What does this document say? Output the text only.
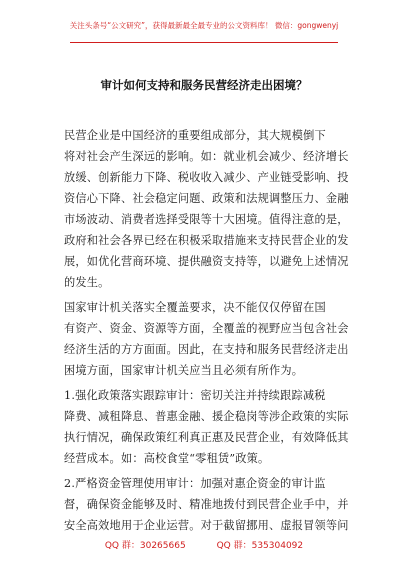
关注头条号“公文研究”，获得最新最全最专业的公文资料库！ 微信：gongwenyj
审计如何支持和服务民营经济走出困境？
民营企业是中国经济的重要组成部分，其大规模倒下
将对社会产生深远的影响。如：就业机会减少、经济增长
放缓、创新能力下降、税收收入减少、产业链受影响、投
资信心下降、社会稳定问题、政策和法规调整压力、金融
市场波动、消费者选择受限等十大困境。值得注意的是，
政府和社会各界已经在积极采取措施来支持民营企业的发
展，如优化营商环境、提供融资支持等，以避免上述情况
的发生。
国家审计机关落实全覆盖要求，决不能仅仅停留在国
有资产、资金、资源等方面，全覆盖的视野应当包含社会
经济生活的方方面面。因此，在支持和服务民营经济走出
困境方面，国家审计机关应当且必须有所作为。
1.强化政策落实跟踪审计：密切关注并持续跟踪减税
降费、减租降息、普惠金融、援企稳岗等涉企政策的实际
执行情况，确保政策红利真正惠及民营企业，有效降低其
经营成本。如：高校食堂“零租赁”政策。
2.严格资金管理使用审计：加强对惠企资金的审计监
督，确保资金能够及时、精准地拨付到民营企业手中，并
安全高效地用于企业运营。对于截留挪用、虚报冒领等问
QQ 群：30265665	QQ 群：535304092
